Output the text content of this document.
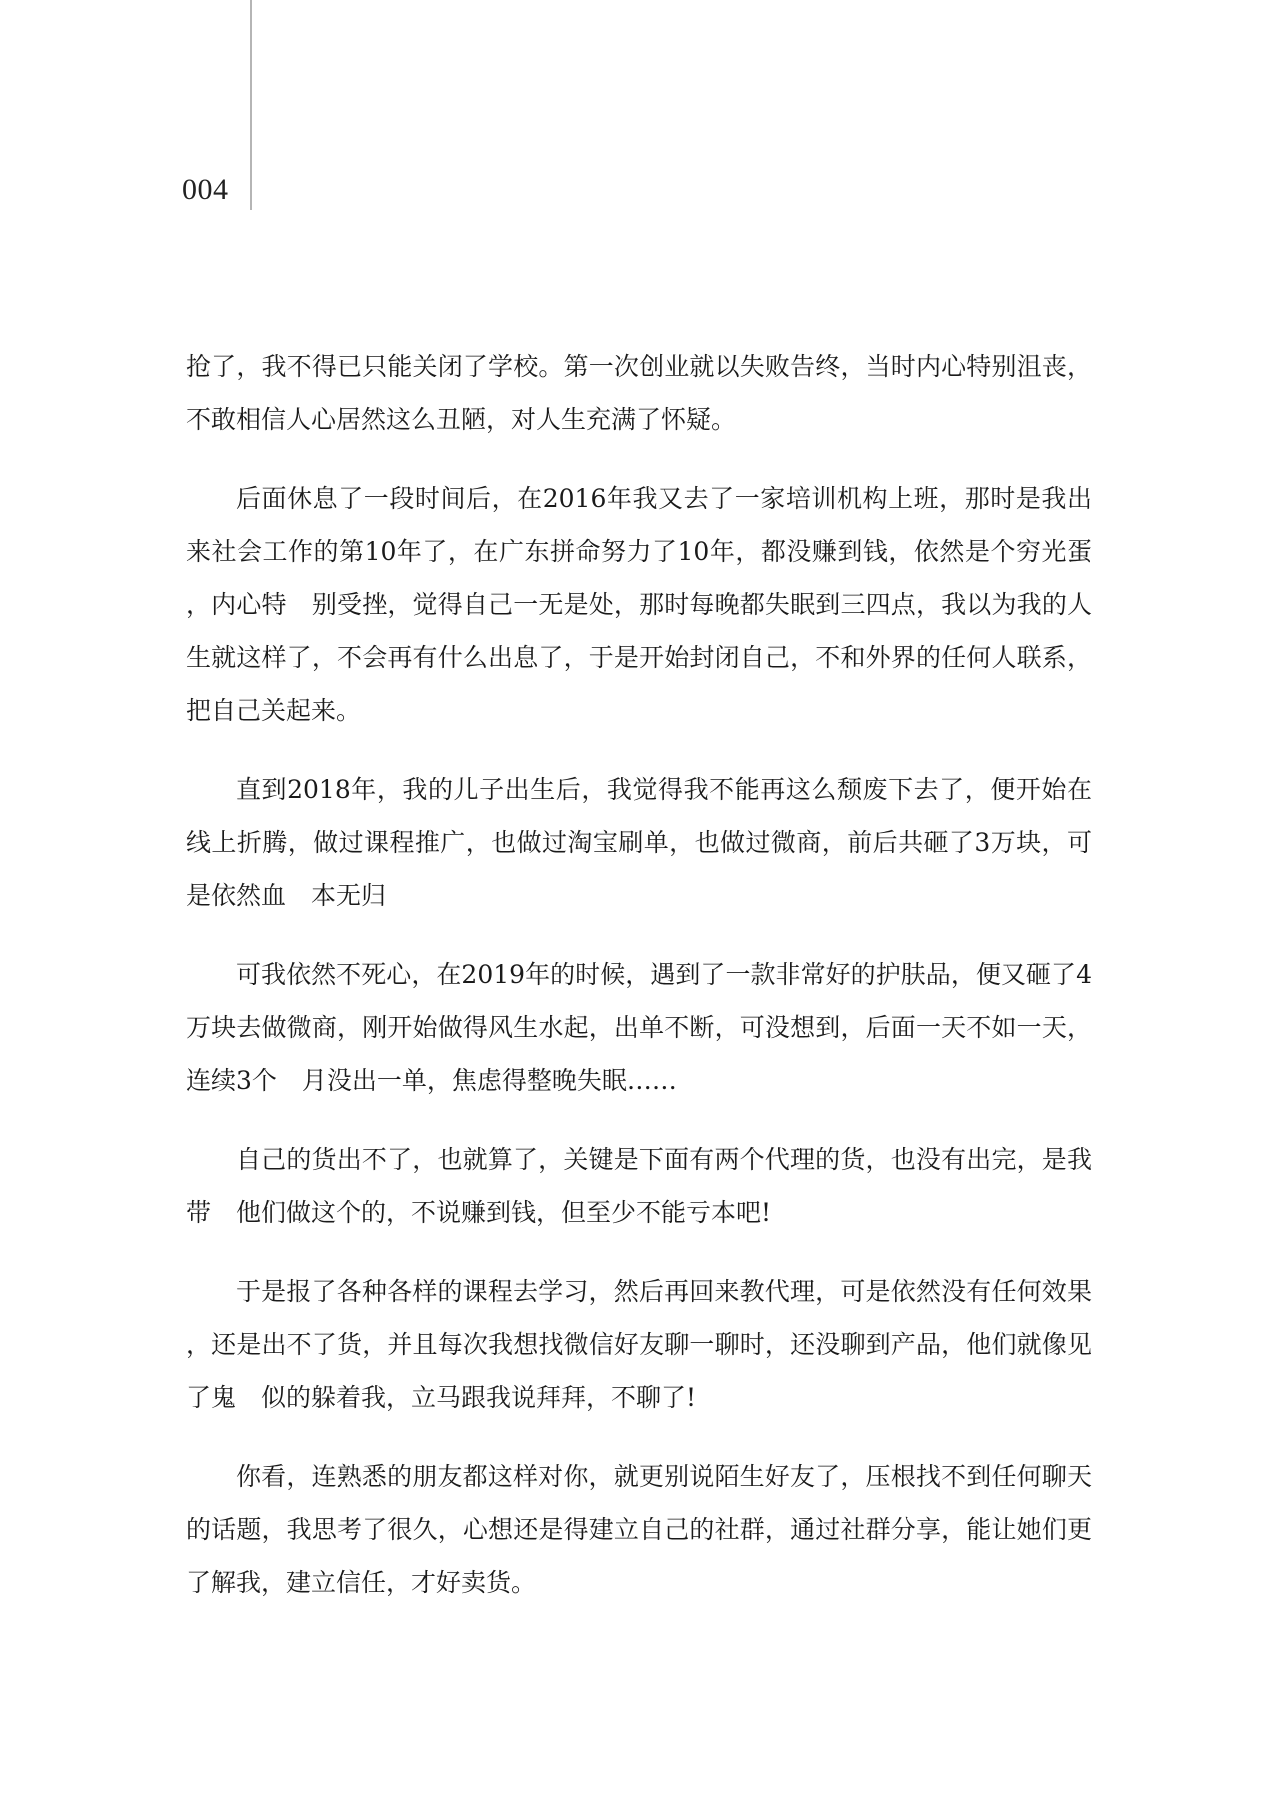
004

抢了，我不得已只能关闭了学校。第一次创业就以失败告终，当时内心特别沮丧，不敢相信人心居然这么丑陋，对人生充满了怀疑。

后面休息了一段时间后，在2016年我又去了一家培训机构上班，那时是我出来社会工作的第10年了，在广东拼命努力了10年，都没赚到钱，依然是个穷光蛋，内心特　别受挫，觉得自己一无是处，那时每晚都失眠到三四点，我以为我的人生就这样了，不会再有什么出息了，于是开始封闭自己，不和外界的任何人联系，把自己关起来。

直到2018年，我的儿子出生后，我觉得我不能再这么颓废下去了，便开始在线上折腾，做过课程推广，也做过淘宝刷单，也做过微商，前后共砸了3万块，可是依然血　本无归

可我依然不死心，在2019年的时候，遇到了一款非常好的护肤品，便又砸了4万块去做微商，刚开始做得风生水起，出单不断，可没想到，后面一天不如一天，连续3个　月没出一单，焦虑得整晚失眠……

自己的货出不了，也就算了，关键是下面有两个代理的货，也没有出完，是我带　他们做这个的，不说赚到钱，但至少不能亏本吧!

于是报了各种各样的课程去学习，然后再回来教代理，可是依然没有任何效果，还是出不了货，并且每次我想找微信好友聊一聊时，还没聊到产品，他们就像见了鬼　似的躲着我，立马跟我说拜拜，不聊了!

你看，连熟悉的朋友都这样对你，就更别说陌生好友了，压根找不到任何聊天的话题，我思考了很久，心想还是得建立自己的社群，通过社群分享，能让她们更了解我，建立信任，才好卖货。
